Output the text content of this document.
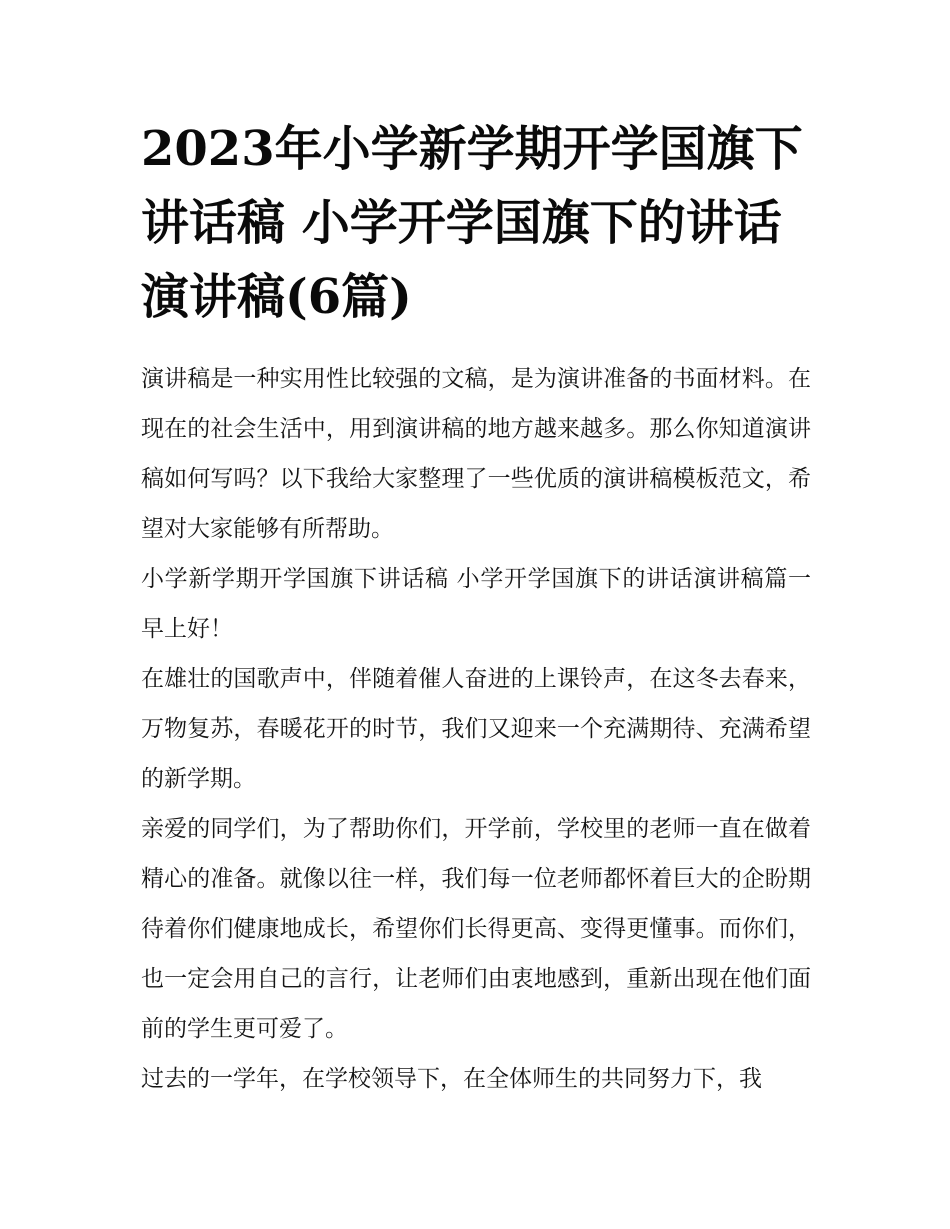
2023年小学新学期开学国旗下讲话稿 小学开学国旗下的讲话演讲稿(6篇)

演讲稿是一种实用性比较强的文稿，是为演讲准备的书面材料。在现在的社会生活中，用到演讲稿的地方越来越多。那么你知道演讲稿如何写吗？以下我给大家整理了一些优质的演讲稿模板范文，希望对大家能够有所帮助。

小学新学期开学国旗下讲话稿 小学开学国旗下的讲话演讲稿篇一 早上好！

在雄壮的国歌声中，伴随着催人奋进的上课铃声，在这冬去春来，万物复苏，春暖花开的时节，我们又迎来一个充满期待、充满希望的新学期。

亲爱的同学们，为了帮助你们，开学前，学校里的老师一直在做着精心的准备。就像以往一样，我们每一位老师都怀着巨大的企盼期待着你们健康地成长，希望你们长得更高、变得更懂事。而你们，也一定会用自己的言行，让老师们由衷地感到，重新出现在他们面前的学生更可爱了。

过去的一学年，在学校领导下，在全体师生的共同努力下，我
